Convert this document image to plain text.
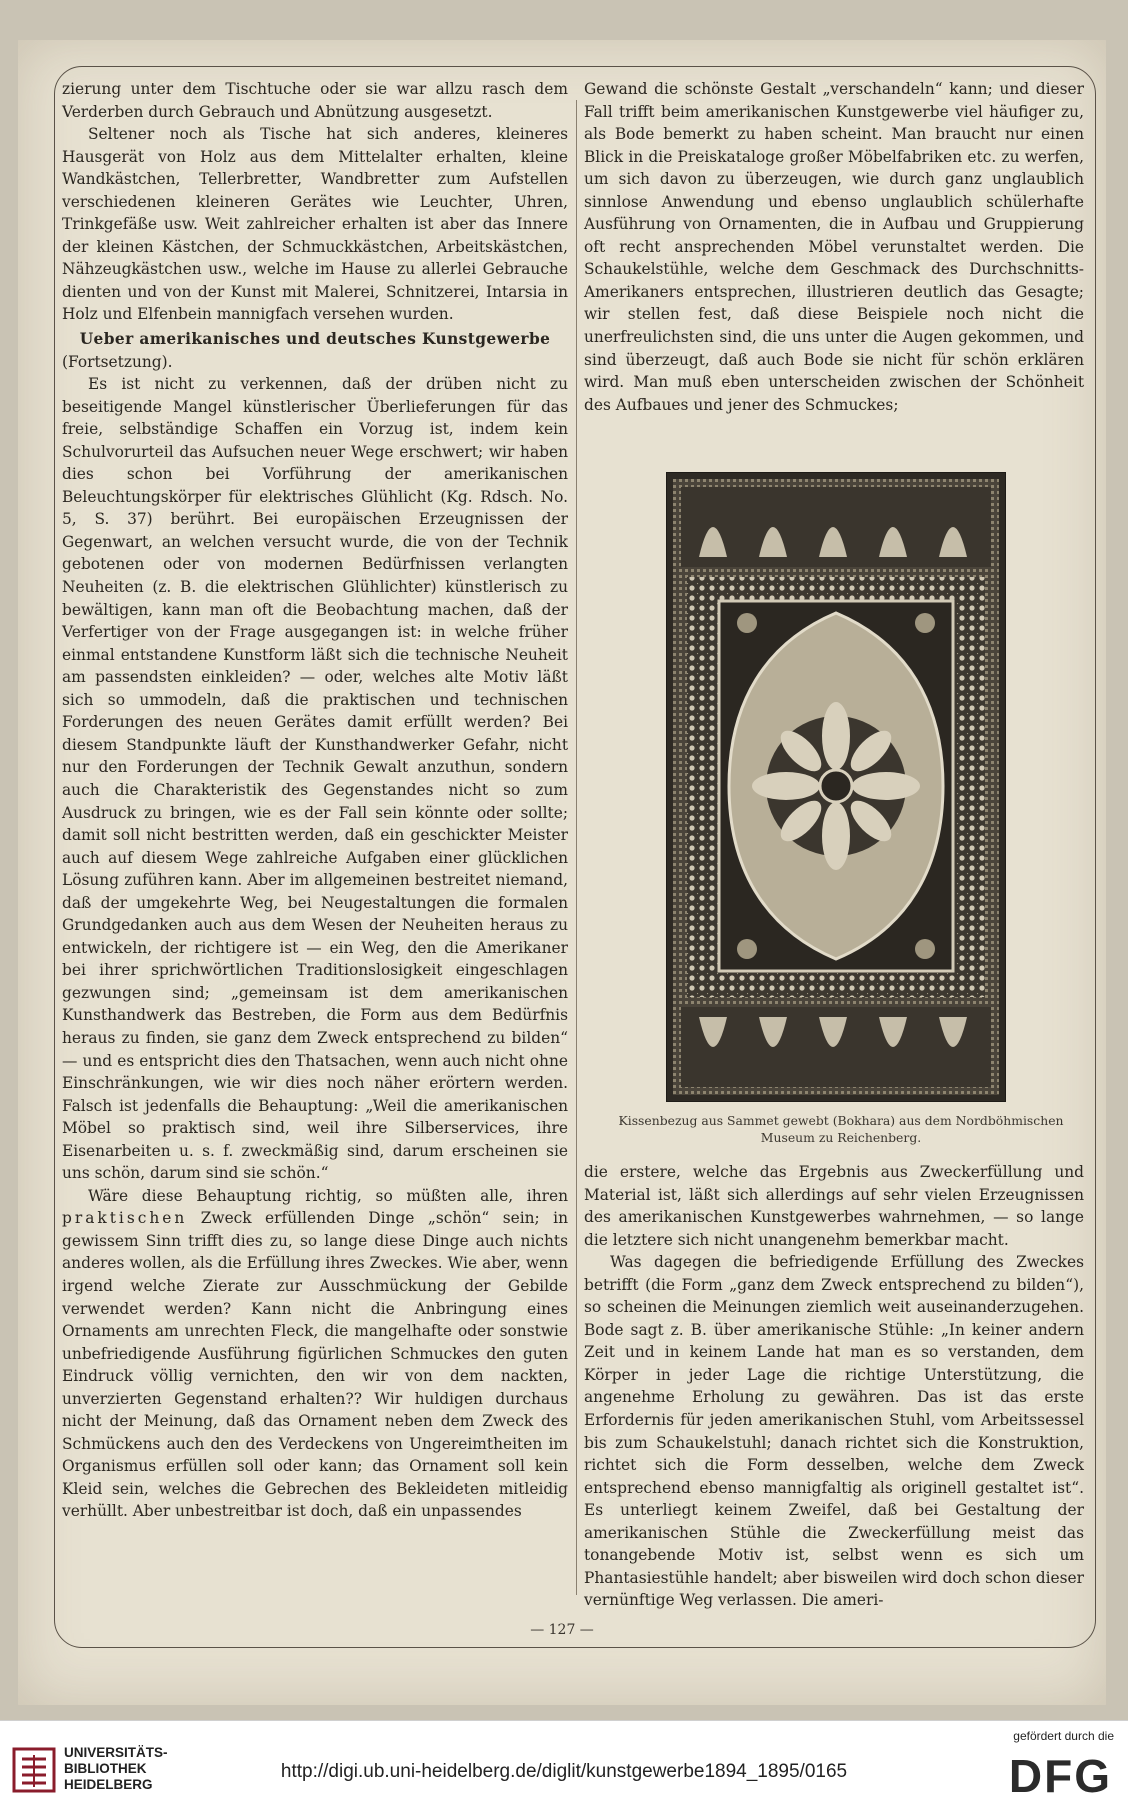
zierung unter dem Tischtuche oder sie war allzu rasch dem Verderben durch Gebrauch und Abnützung ausgesetzt.

Seltener noch als Tische hat sich anderes, kleineres Hausgerät von Holz aus dem Mittelalter erhalten, kleine Wandkästchen, Tellerbretter, Wandbretter zum Aufstellen verschiedenen kleineren Gerätes wie Leuchter, Uhren, Trinkgefäße usw. Weit zahlreicher erhalten ist aber das Innere der kleinen Kästchen, der Schmuckkästchen, Arbeitskästchen, Nähzeugkästchen usw., welche im Hause zu allerlei Gebrauche dienten und von der Kunst mit Malerei, Schnitzerei, Intarsia in Holz und Elfenbein mannigfach versehen wurden.

Ueber amerikanisches und deutsches Kunstgewerbe

(Fortsetzung).

Es ist nicht zu verkennen, daß der drüben nicht zu beseitigende Mangel künstlerischer Überlieferungen für das freie, selbständige Schaffen ein Vorzug ist, indem kein Schulvorurteil das Aufsuchen neuer Wege erschwert; wir haben dies schon bei Vorführung der amerikanischen Beleuchtungskörper für elektrisches Glühlicht (Kg. Rdsch. No. 5, S. 37) berührt. Bei europäischen Erzeugnissen der Gegenwart, an welchen versucht wurde, die von der Technik gebotenen oder von modernen Bedürfnissen verlangten Neuheiten (z. B. die elektrischen Glühlichter) künstlerisch zu bewältigen, kann man oft die Beobachtung machen, daß der Verfertiger von der Frage ausgegangen ist: in welche früher einmal entstandene Kunstform läßt sich die technische Neuheit am passendsten einkleiden? — oder, welches alte Motiv läßt sich so ummodeln, daß die praktischen und technischen Forderungen des neuen Gerätes damit erfüllt werden? Bei diesem Standpunkte läuft der Kunsthandwerker Gefahr, nicht nur den Forderungen der Technik Gewalt anzuthun, sondern auch die Charakteristik des Gegenstandes nicht so zum Ausdruck zu bringen, wie es der Fall sein könnte oder sollte; damit soll nicht bestritten werden, daß ein geschickter Meister auch auf diesem Wege zahlreiche Aufgaben einer glücklichen Lösung zuführen kann. Aber im allgemeinen bestreitet niemand, daß der umgekehrte Weg, bei Neugestaltungen die formalen Grundgedanken auch aus dem Wesen der Neuheiten heraus zu entwickeln, der richtigere ist — ein Weg, den die Amerikaner bei ihrer sprichwörtlichen Traditionslosigkeit eingeschlagen gezwungen sind; „gemeinsam ist dem amerikanischen Kunsthandwerk das Bestreben, die Form aus dem Bedürfnis heraus zu finden, sie ganz dem Zweck entsprechend zu bilden“ — und es entspricht dies den Thatsachen, wenn auch nicht ohne Einschränkungen, wie wir dies noch näher erörtern werden. Falsch ist jedenfalls die Behauptung: „Weil die amerikanischen Möbel so praktisch sind, weil ihre Silberservices, ihre Eisenarbeiten u. s. f. zweckmäßig sind, darum erscheinen sie uns schön, darum sind sie schön.“

Wäre diese Behauptung richtig, so müßten alle, ihren praktischen Zweck erfüllenden Dinge „schön“ sein; in gewissem Sinn trifft dies zu, so lange diese Dinge auch nichts anderes wollen, als die Erfüllung ihres Zweckes. Wie aber, wenn irgend welche Zierate zur Ausschmückung der Gebilde verwendet werden? Kann nicht die Anbringung eines Ornaments am unrechten Fleck, die mangelhafte oder sonstwie unbefriedigende Ausführung figürlichen Schmuckes den guten Eindruck völlig vernichten, den wir von dem nackten, unverzierten Gegenstand erhalten?? Wir huldigen durchaus nicht der Meinung, daß das Ornament neben dem Zweck des Schmückens auch den des Verdeckens von Ungereimtheiten im Organismus erfüllen soll oder kann; das Ornament soll kein Kleid sein, welches die Gebrechen des Bekleideten mitleidig verhüllt. Aber unbestreitbar ist doch, daß ein unpassendes

Gewand die schönste Gestalt „verschandeln“ kann; und dieser Fall trifft beim amerikanischen Kunstgewerbe viel häufiger zu, als Bode bemerkt zu haben scheint. Man braucht nur einen Blick in die Preiskataloge großer Möbelfabriken etc. zu werfen, um sich davon zu überzeugen, wie durch ganz unglaublich sinnlose Anwendung und ebenso unglaublich schülerhafte Ausführung von Ornamenten, die in Aufbau und Gruppierung oft recht ansprechenden Möbel verunstaltet werden. Die Schaukelstühle, welche dem Geschmack des Durchschnitts-Amerikaners entsprechen, illustrieren deutlich das Gesagte; wir stellen fest, daß diese Beispiele noch nicht die unerfreulichsten sind, die uns unter die Augen gekommen, und sind überzeugt, daß auch Bode sie nicht für schön erklären wird. Man muß eben unterscheiden zwischen der Schönheit des Aufbaues und jener des Schmuckes;

Kissenbezug aus Sammet gewebt (Bokhara) aus dem Nordböhmischen
Museum zu Reichenberg.

die erstere, welche das Ergebnis aus Zweckerfüllung und Material ist, läßt sich allerdings auf sehr vielen Erzeugnissen des amerikanischen Kunstgewerbes wahrnehmen, — so lange die letztere sich nicht unangenehm bemerkbar macht.

Was dagegen die befriedigende Erfüllung des Zweckes betrifft (die Form „ganz dem Zweck entsprechend zu bilden“), so scheinen die Meinungen ziemlich weit auseinanderzugehen. Bode sagt z. B. über amerikanische Stühle: „In keiner andern Zeit und in keinem Lande hat man es so verstanden, dem Körper in jeder Lage die richtige Unterstützung, die angenehme Erholung zu gewähren. Das ist das erste Erfordernis für jeden amerikanischen Stuhl, vom Arbeitssessel bis zum Schaukelstuhl; danach richtet sich die Konstruktion, richtet sich die Form desselben, welche dem Zweck entsprechend ebenso mannigfaltig als originell gestaltet ist“. Es unterliegt keinem Zweifel, daß bei Gestaltung der amerikanischen Stühle die Zweckerfüllung meist das tonangebende Motiv ist, selbst wenn es sich um Phantasiestühle handelt; aber bisweilen wird doch schon dieser vernünftige Weg verlassen. Die ameri-

— 127 —
UNIVERSITÄTS-
BIBLIOTHEK
HEIDELBERG
http://digi.ub.uni-heidelberg.de/diglit/kunstgewerbe1894_1895/0165
gefördert durch die
DFG
